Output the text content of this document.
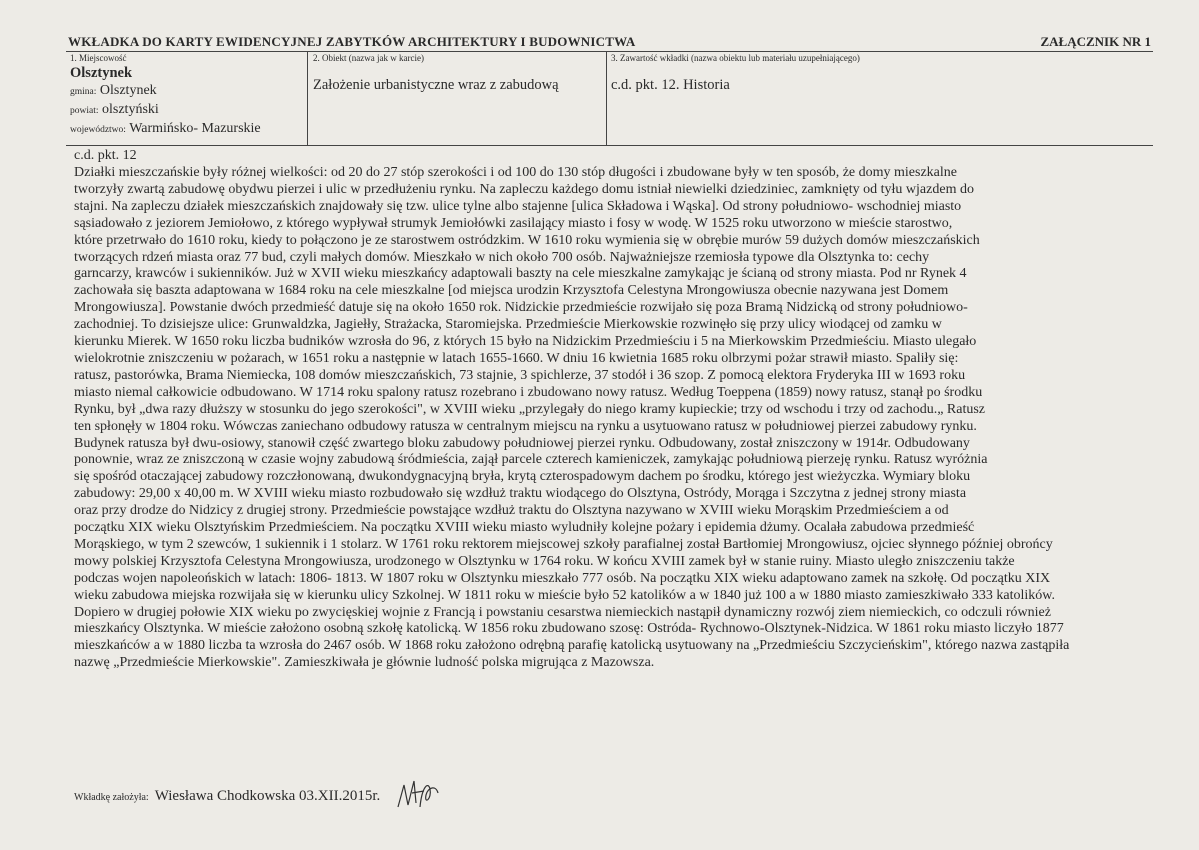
WKŁADKA DO KARTY EWIDENCYJNEJ ZABYTKÓW ARCHITEKTURY I BUDOWNICTWA	ZAŁĄCZNIK NR 1
1. Miejscowość
Olsztynek
gmina: Olsztynek
powiat: olsztyński
województwo: Warmińsko- Mazurskie
2. Obiekt (nazwa jak w karcie)
Założenie urbanistyczne wraz z zabudową
3. Zawartość wkładki (nazwa obiektu lub materiału uzupełniającego)
c.d. pkt. 12. Historia
c.d. pkt. 12

Działki mieszczańskie były różnej wielkości: od 20 do 27 stóp szerokości i od 100 do 130 stóp długości i zbudowane były w ten sposób, że domy mieszkalne

tworzyły zwartą zabudowę obydwu pierzei i ulic w przedłużeniu rynku. Na zapleczu każdego domu istniał niewielki dziedziniec, zamknięty od tyłu wjazdem do

stajni. Na zapleczu działek mieszczańskich znajdowały się tzw. ulice tylne albo stajenne [ulica Składowa i Wąska]. Od strony południowo- wschodniej miasto

sąsiadowało z jeziorem Jemiołowo, z którego wypływał strumyk Jemiołówki zasilający miasto i fosy w wodę. W 1525 roku utworzono w mieście starostwo,

które przetrwało do 1610 roku, kiedy to połączono je ze starostwem ostródzkim. W 1610 roku wymienia się w obrębie murów 59 dużych domów mieszczańskich

tworzących rdzeń miasta oraz 77 bud, czyli małych domów. Mieszkało w nich około 700 osób. Najważniejsze rzemiosła typowe dla Olsztynka to: cechy

garncarzy, krawców i sukienników. Już w XVII wieku mieszkańcy adaptowali baszty na cele mieszkalne zamykając je ścianą od strony miasta. Pod nr Rynek 4

zachowała się baszta adaptowana w 1684 roku na cele mieszkalne [od miejsca urodzin Krzysztofa Celestyna Mrongowiusza obecnie nazywana jest Domem

Mrongowiusza]. Powstanie dwóch przedmieść datuje się na około 1650 rok. Nidzickie przedmieście rozwijało się poza Bramą Nidzicką od strony południowo-

zachodniej. To dzisiejsze ulice: Grunwaldzka, Jagiełły, Strażacka, Staromiejska. Przedmieście Mierkowskie rozwinęło się przy ulicy wiodącej od zamku w

kierunku Mierek. W 1650 roku liczba budników wzrosła do 96, z których 15 było na Nidzickim Przedmieściu i 5 na Mierkowskim Przedmieściu. Miasto ulegało

wielokrotnie zniszczeniu w pożarach, w 1651 roku a następnie w latach 1655-1660. W dniu 16 kwietnia 1685 roku olbrzymi pożar strawił miasto. Spaliły się:

ratusz, pastorówka, Brama Niemiecka, 108 domów mieszczańskich, 73 stajnie, 3 spichlerze, 37 stodół i 36 szop. Z pomocą elektora Fryderyka III w 1693 roku

miasto niemal całkowicie odbudowano. W 1714 roku spalony ratusz rozebrano i zbudowano nowy ratusz. Według Toeppena (1859) nowy ratusz, stanął po środku

Rynku, był „dwa razy dłuższy w stosunku do jego szerokości", w XVIII wieku „przylegały do niego kramy kupieckie; trzy od wschodu i trzy od zachodu.„ Ratusz

ten spłonęły w 1804 roku. Wówczas zaniechano odbudowy ratusza w centralnym miejscu na rynku a usytuowano ratusz w południowej pierzei zabudowy rynku.

Budynek ratusza był dwu-osiowy, stanowił część zwartego bloku zabudowy południowej pierzei rynku. Odbudowany, został zniszczony w 1914r. Odbudowany

ponownie, wraz ze zniszczoną w czasie wojny zabudową śródmieścia, zajął parcele czterech kamieniczek, zamykając południową pierzeję rynku. Ratusz wyróżnia

się spośród otaczającej zabudowy rozczłonowaną, dwukondygnacyjną bryła, krytą czterospadowym dachem po środku, którego jest wieżyczka. Wymiary bloku

zabudowy: 29,00 x 40,00 m. W XVIII wieku miasto rozbudowało się wzdłuż traktu wiodącego do Olsztyna, Ostródy, Morąga i Szczytna z jednej strony miasta

oraz przy drodze do Nidzicy z drugiej strony. Przedmieście powstające wzdłuż traktu do Olsztyna nazywano w XVIII wieku Morąskim Przedmieściem a od

początku XIX wieku Olsztyńskim Przedmieściem. Na początku XVIII wieku miasto wyludniły kolejne pożary i epidemia dżumy. Ocalała zabudowa przedmieść

Morąskiego, w tym 2 szewców, 1 sukiennik i 1 stolarz. W 1761 roku rektorem miejscowej szkoły parafialnej został Bartłomiej Mrongowiusz, ojciec słynnego później obrońcy

mowy polskiej Krzysztofa Celestyna Mrongowiusza, urodzonego w Olsztynku w 1764 roku. W końcu XVIII zamek był w stanie ruiny. Miasto uległo zniszczeniu także

podczas wojen napoleońskich w latach: 1806- 1813. W 1807 roku w Olsztynku mieszkało 777 osób. Na początku XIX wieku adaptowano zamek na szkołę. Od początku XIX

wieku zabudowa miejska rozwijała się w kierunku ulicy Szkolnej. W 1811 roku w mieście było 52 katolików a w 1840 już 100 a w 1880 miasto zamieszkiwało 333 katolików.

Dopiero w drugiej połowie XIX wieku po zwycięskiej wojnie z Francją i powstaniu cesarstwa niemieckich nastąpił dynamiczny rozwój ziem niemieckich, co odczuli również

mieszkańcy Olsztynka. W mieście założono osobną szkołę katolicką. W 1856 roku zbudowano szosę: Ostróda- Rychnowo-Olsztynek-Nidzica. W 1861 roku miasto liczyło 1877

mieszkańców a w 1880 liczba ta wzrosła do 2467 osób. W 1868 roku założono odrębną parafię katolicką usytuowany na „Przedmieściu Szczycieńskim", którego nazwa zastąpiła

nazwę „Przedmieście Mierkowskie". Zamieszkiwała je głównie ludność polska migrująca z Mazowsza.

Wkładkę założyła: Wiesława Chodkowska 03.XII.2015r.
